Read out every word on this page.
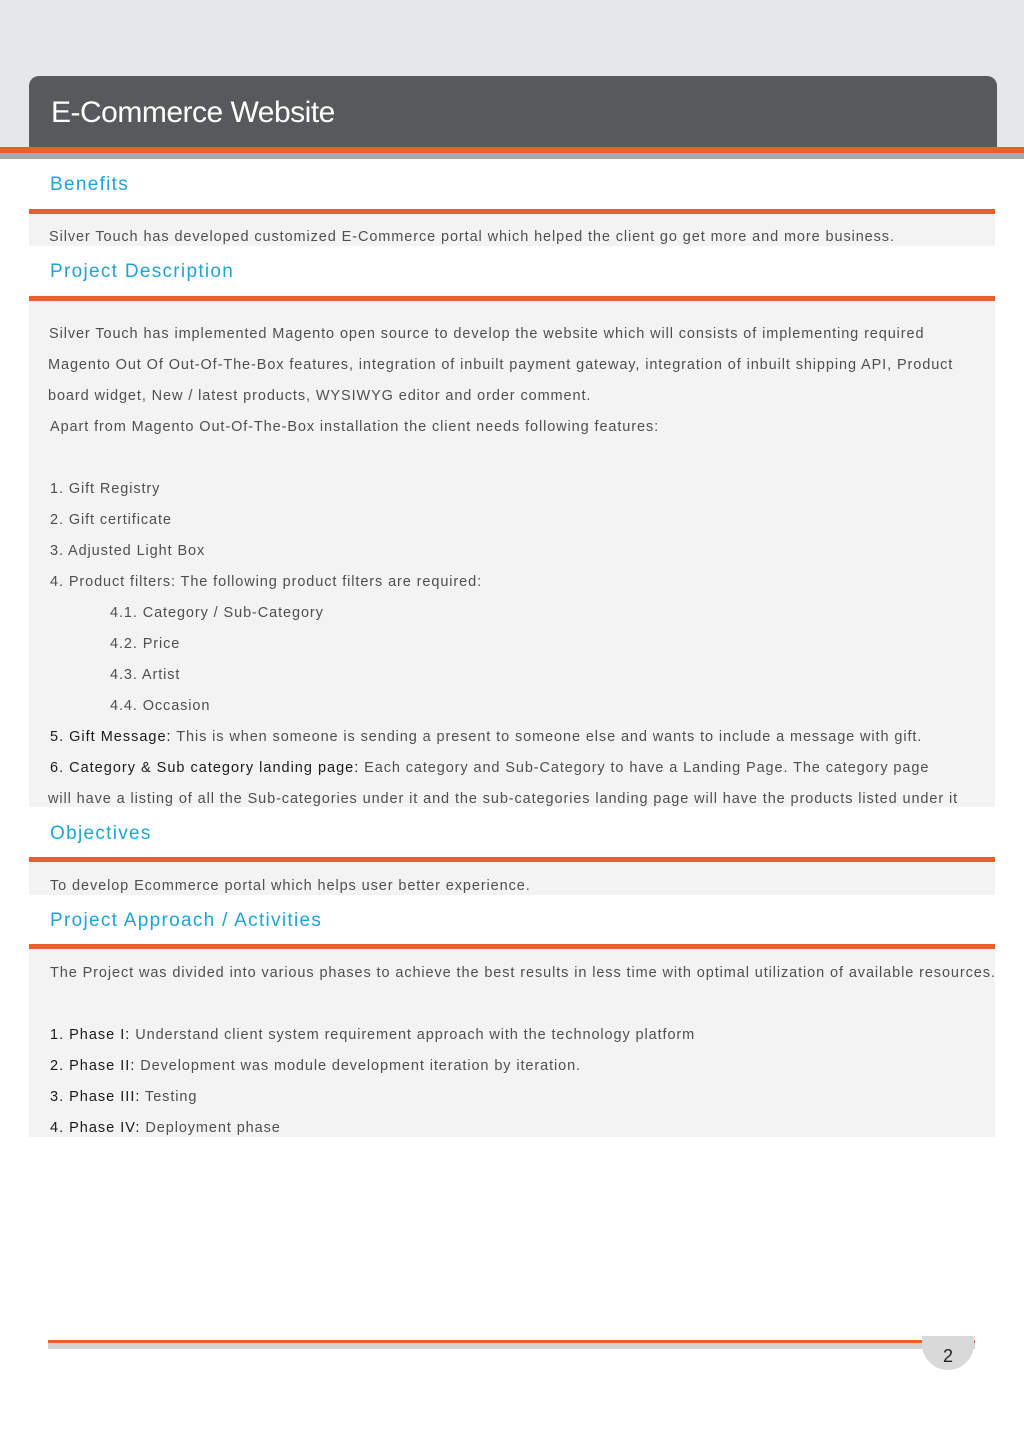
E-Commerce Website
Benefits
Silver Touch has developed customized E-Commerce portal which helped the client go get more and more business.
Project Description
Silver Touch has implemented Magento open source to develop the website which will consists of implementing required
Magento Out Of Out-Of-The-Box features, integration of inbuilt payment gateway, integration of inbuilt shipping API, Product
board widget, New / latest products, WYSIWYG editor and order comment.
Apart from Magento Out-Of-The-Box installation the client needs following features:
1. Gift Registry
2. Gift certificate
3. Adjusted Light Box
4. Product filters: The following product filters are required:
4.1. Category / Sub-Category
4.2. Price
4.3. Artist
4.4. Occasion
5. Gift Message: This is when someone is sending a present to someone else and wants to include a message with gift.
6. Category & Sub category landing page: Each category and Sub-Category to have a Landing Page. The category page
will have a listing of all the Sub-categories under it and the sub-categories landing page will have the products listed under it
Objectives
To develop Ecommerce portal which helps user better experience.
Project Approach / Activities
The Project was divided into various phases to achieve the best results in less time with optimal utilization of available resources.
1. Phase I: Understand client system requirement approach with the technology platform
2. Phase II: Development was module development iteration by iteration.
3. Phase III: Testing
4. Phase IV: Deployment phase
2
